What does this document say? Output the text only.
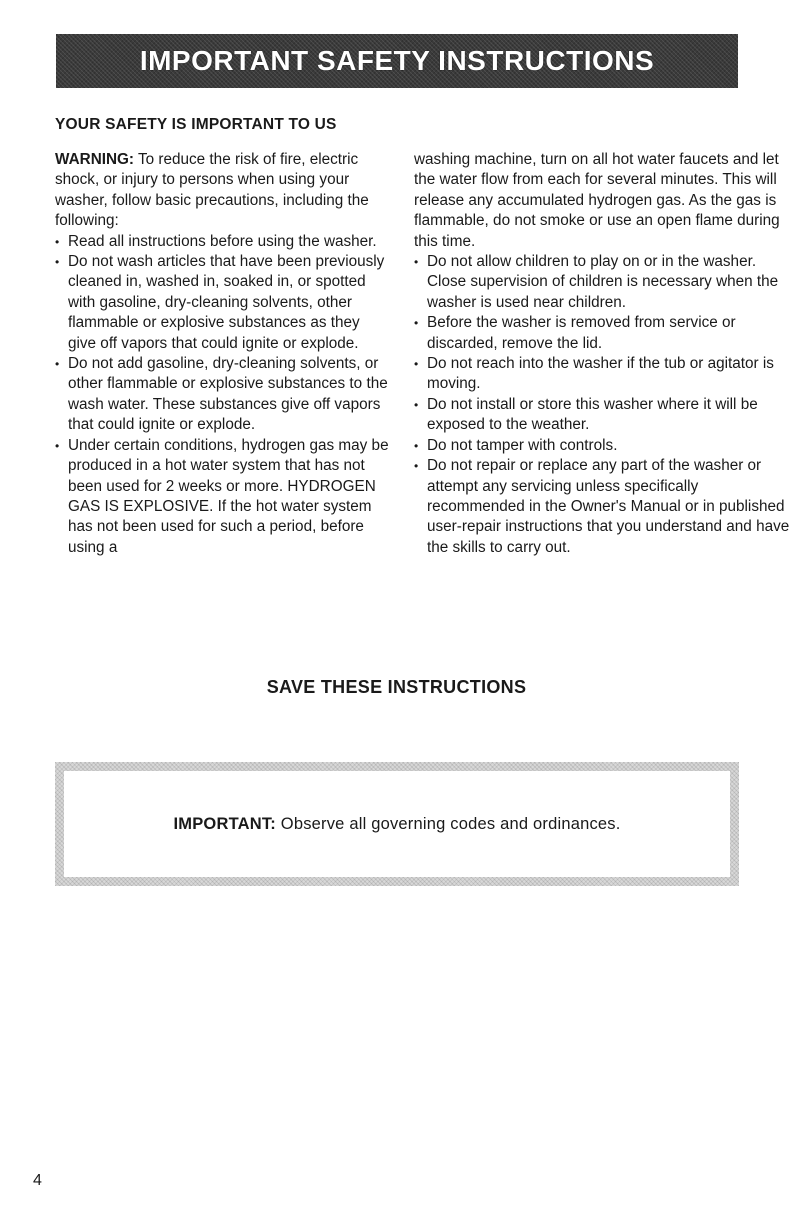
IMPORTANT SAFETY INSTRUCTIONS
YOUR SAFETY IS IMPORTANT TO US

WARNING: To reduce the risk of fire, electric shock, or injury to persons when using your washer, follow basic precautions, including the following:

• Read all instructions before using the washer.
• Do not wash articles that have been previously cleaned in, washed in, soaked in, or spotted with gasoline, dry-cleaning solvents, other flammable or explosive substances as they give off vapors that could ignite or explode.
• Do not add gasoline, dry-cleaning solvents, or other flammable or explosive substances to the wash water. These substances give off vapors that could ignite or explode.
• Under certain conditions, hydrogen gas may be produced in a hot water system that has not been used for 2 weeks or more. HYDROGEN GAS IS EXPLOSIVE. If the hot water system has not been used for such a period, before using a

washing machine, turn on all hot water faucets and let the water flow from each for several minutes. This will release any accumulated hydrogen gas. As the gas is flammable, do not smoke or use an open flame during this time.

• Do not allow children to play on or in the washer. Close supervision of children is necessary when the washer is used near children.
• Before the washer is removed from service or discarded, remove the lid.
• Do not reach into the washer if the tub or agitator is moving.
• Do not install or store this washer where it will be exposed to the weather.
• Do not tamper with controls.
• Do not repair or replace any part of the washer or attempt any servicing unless specifically recommended in the Owner's Manual or in published user-repair instructions that you understand and have the skills to carry out.
SAVE THESE INSTRUCTIONS
IMPORTANT: Observe all governing codes and ordinances.
4
